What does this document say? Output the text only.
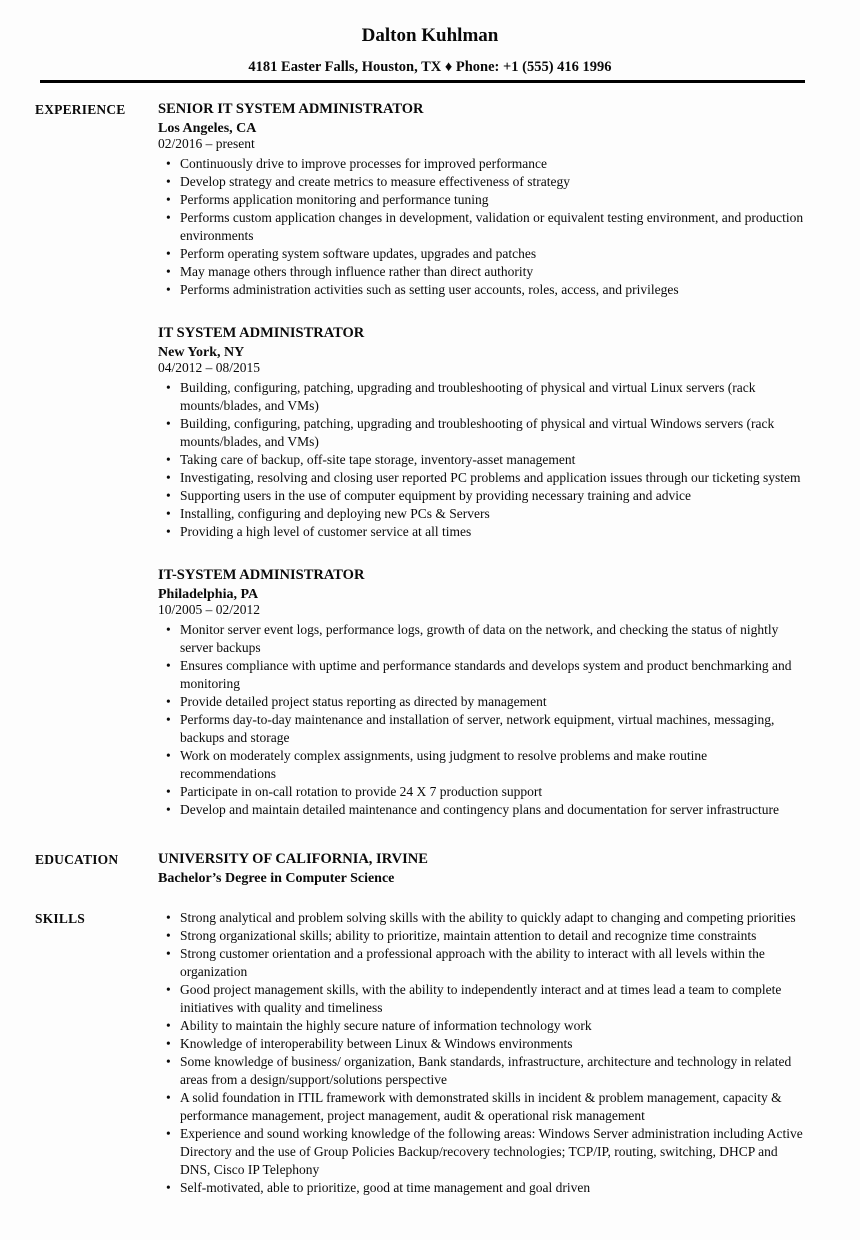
Dalton Kuhlman
4181 Easter Falls, Houston, TX ♦ Phone: +1 (555) 416 1996
EXPERIENCE	SENIOR IT SYSTEM ADMINISTRATOR
Los Angeles, CA
02/2016 – present
• Continuously drive to improve processes for improved performance
• Develop strategy and create metrics to measure effectiveness of strategy
• Performs application monitoring and performance tuning
• Performs custom application changes in development, validation or equivalent testing environment, and production environments
• Perform operating system software updates, upgrades and patches
• May manage others through influence rather than direct authority
• Performs administration activities such as setting user accounts, roles, access, and privileges
IT SYSTEM ADMINISTRATOR
New York, NY
04/2012 – 08/2015
• Building, configuring, patching, upgrading and troubleshooting of physical and virtual Linux servers (rack mounts/blades, and VMs)
• Building, configuring, patching, upgrading and troubleshooting of physical and virtual Windows servers (rack mounts/blades, and VMs)
• Taking care of backup, off-site tape storage, inventory-asset management
• Investigating, resolving and closing user reported PC problems and application issues through our ticketing system
• Supporting users in the use of computer equipment by providing necessary training and advice
• Installing, configuring and deploying new PCs & Servers
• Providing a high level of customer service at all times
IT-SYSTEM ADMINISTRATOR
Philadelphia, PA
10/2005 – 02/2012
• Monitor server event logs, performance logs, growth of data on the network, and checking the status of nightly server backups
• Ensures compliance with uptime and performance standards and develops system and product benchmarking and monitoring
• Provide detailed project status reporting as directed by management
• Performs day-to-day maintenance and installation of server, network equipment, virtual machines, messaging, backups and storage
• Work on moderately complex assignments, using judgment to resolve problems and make routine recommendations
• Participate in on-call rotation to provide 24 X 7 production support
• Develop and maintain detailed maintenance and contingency plans and documentation for server infrastructure
EDUCATION	UNIVERSITY OF CALIFORNIA, IRVINE
Bachelor’s Degree in Computer Science
SKILLS	• Strong analytical and problem solving skills with the ability to quickly adapt to changing and competing priorities
• Strong organizational skills; ability to prioritize, maintain attention to detail and recognize time constraints
• Strong customer orientation and a professional approach with the ability to interact with all levels within the organization
• Good project management skills, with the ability to independently interact and at times lead a team to complete initiatives with quality and timeliness
• Ability to maintain the highly secure nature of information technology work
• Knowledge of interoperability between Linux & Windows environments
• Some knowledge of business/ organization, Bank standards, infrastructure, architecture and technology in related areas from a design/support/solutions perspective
• A solid foundation in ITIL framework with demonstrated skills in incident & problem management, capacity & performance management, project management, audit & operational risk management
• Experience and sound working knowledge of the following areas: Windows Server administration including Active Directory and the use of Group Policies Backup/recovery technologies; TCP/IP, routing, switching, DHCP and DNS, Cisco IP Telephony
• Self-motivated, able to prioritize, good at time management and goal driven
